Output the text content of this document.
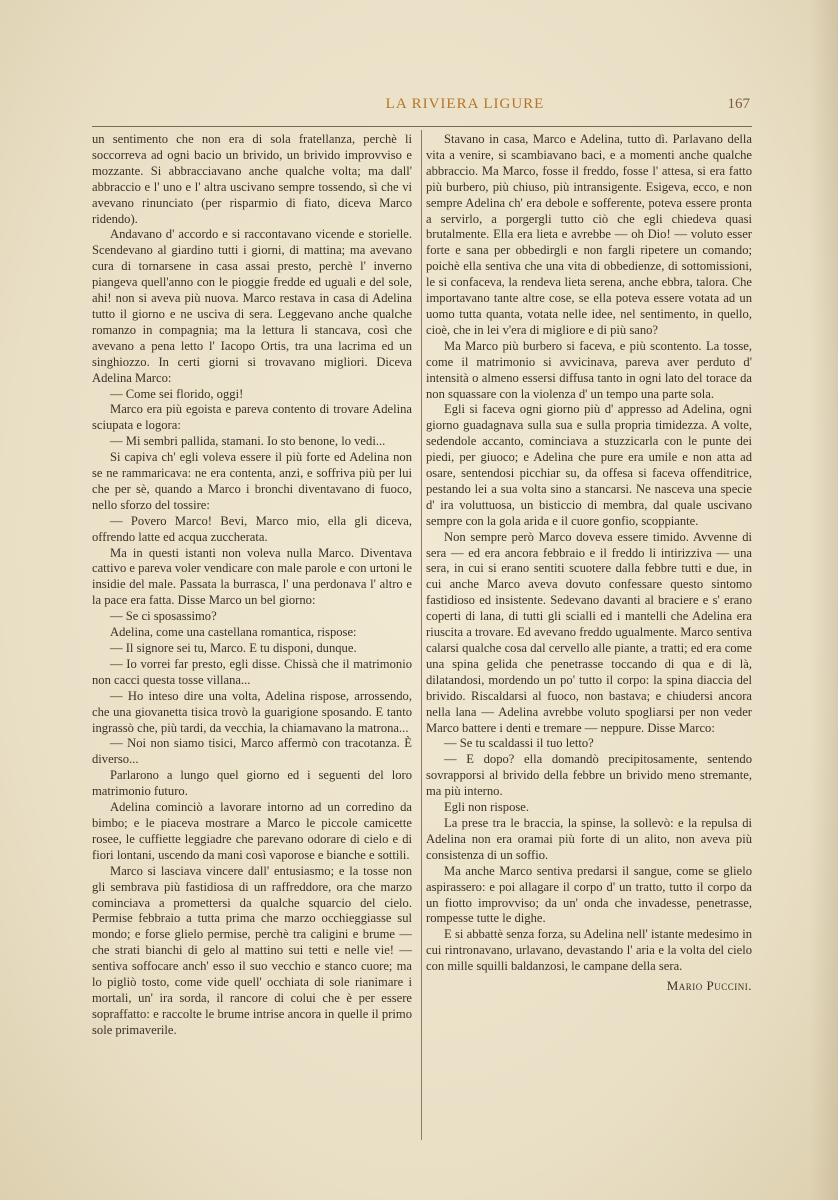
LA RIVIERA LIGURE	167

un sentimento che non era di sola fratellanza, perchè li soccorreva ad ogni bacio un brivido, un brivido improvviso e mozzante. Si abbracciavano anche qualche volta; ma dall' abbraccio e l' uno e l' altra uscivano sempre tossendo, sì che vi avevano rinunciato (per risparmio di fiato, diceva Marco ridendo).

Andavano d' accordo e si raccontavano vicende e storielle. Scendevano al giardino tutti i giorni, di mattina; ma avevano cura di tornarsene in casa assai presto, perchè l' inverno piangeva quell'anno con le pioggie fredde ed uguali e del sole, ahi! non si aveva più nuova. Marco restava in casa di Adelina tutto il giorno e ne usciva di sera. Leggevano anche qualche romanzo in compagnia; ma la lettura li stancava, così che avevano a pena letto l' Iacopo Ortis, tra una lacrima ed un singhiozzo. In certi giorni si trovavano migliori. Diceva Adelina Marco:

— Come sei florido, oggi!

Marco era più egoista e pareva contento di trovare Adelina sciupata e logora:

— Mi sembri pallida, stamani. Io sto benone, lo vedi...

Si capiva ch' egli voleva essere il più forte ed Adelina non se ne rammaricava: ne era contenta, anzi, e soffriva più per lui che per sè, quando a Marco i bronchi diventavano di fuoco, nello sforzo del tossire:

— Povero Marco! Bevi, Marco mio, ella gli diceva, offrendo latte ed acqua zuccherata.

Ma in questi istanti non voleva nulla Marco. Diventava cattivo e pareva voler vendicare con male parole e con urtoni le insidie del male. Passata la burrasca, l' una perdonava l' altro e la pace era fatta. Disse Marco un bel giorno:

— Se ci sposassimo?

Adelina, come una castellana romantica, rispose:

— Il signore sei tu, Marco. E tu disponi, dunque.

— Io vorrei far presto, egli disse. Chissà che il matrimonio non cacci questa tosse villana...

— Ho inteso dire una volta, Adelina rispose, arrossendo, che una giovanetta tisica trovò la guarigione sposando. E tanto ingrassò che, più tardi, da vecchia, la chiamavano la matrona...

— Noi non siamo tisici, Marco affermò con tracotanza. È diverso...

Parlarono a lungo quel giorno ed i seguenti del loro matrimonio futuro.

Adelina cominciò a lavorare intorno ad un corredino da bimbo; e le piaceva mostrare a Marco le piccole camicette rosee, le cuffiette leggiadre che parevano odorare di cielo e di fiori lontani, uscendo da mani così vaporose e bianche e sottili.

Marco si lasciava vincere dall' entusiasmo; e la tosse non gli sembrava più fastidiosa di un raffreddore, ora che marzo cominciava a promettersi da qualche squarcio del cielo. Permise febbraio a tutta prima che marzo occhieggiasse sul mondo; e forse glielo permise, perchè tra caligini e brume — che strati bianchi di gelo al mattino sui tetti e nelle vie! — sentiva soffocare anch' esso il suo vecchio e stanco cuore; ma lo pigliò tosto, come vide quell' occhiata di sole rianimare i mortali, un' ira sorda, il rancore di colui che è per essere sopraffatto: e raccolte le brume intrise ancora in quelle il primo sole primaverile.

Stavano in casa, Marco e Adelina, tutto dì. Parlavano della vita a venire, si scambiavano baci, e a momenti anche qualche abbraccio. Ma Marco, fosse il freddo, fosse l' attesa, si era fatto più burbero, più chiuso, più intransigente. Esigeva, ecco, e non sempre Adelina ch' era debole e sofferente, poteva essere pronta a servirlo, a porgergli tutto ciò che egli chiedeva quasi brutalmente. Ella era lieta e avrebbe — oh Dio! — voluto esser forte e sana per obbedirgli e non fargli ripetere un comando; poichè ella sentiva che una vita di obbedienze, di sottomissioni, le si confaceva, la rendeva lieta serena, anche ebbra, talora. Che importavano tante altre cose, se ella poteva essere votata ad un uomo tutta quanta, votata nelle idee, nel sentimento, in quello, cioè, che in lei v'era di migliore e di più sano?

Ma Marco più burbero si faceva, e più scontento. La tosse, come il matrimonio si avvicinava, pareva aver perduto d' intensità o almeno essersi diffusa tanto in ogni lato del torace da non squassare con la violenza d' un tempo una parte sola.

Egli si faceva ogni giorno più d' appresso ad Adelina, ogni giorno guadagnava sulla sua e sulla propria timidezza. A volte, sedendole accanto, cominciava a stuzzicarla con le punte dei piedi, per giuoco; e Adelina che pure era umile e non atta ad osare, sentendosi picchiar su, da offesa si faceva offenditrice, pestando lei a sua volta sino a stancarsi. Ne nasceva una specie d' ira voluttuosa, un bisticcio di membra, dal quale uscivano sempre con la gola arida e il cuore gonfio, scoppiante.

Non sempre però Marco doveva essere timido. Avvenne di sera — ed era ancora febbraio e il freddo li intirizziva — una sera, in cui si erano sentiti scuotere dalla febbre tutti e due, in cui anche Marco aveva dovuto confessare questo sintomo fastidioso ed insistente. Sedevano davanti al braciere e s' erano coperti di lana, di tutti gli scialli ed i mantelli che Adelina era riuscita a trovare. Ed avevano freddo ugualmente. Marco sentiva calarsi qualche cosa dal cervello alle piante, a tratti; ed era come una spina gelida che penetrasse toccando di qua e di là, dilatandosi, mordendo un po' tutto il corpo: la spina diaccia del brivido. Riscaldarsi al fuoco, non bastava; e chiudersi ancora nella lana — Adelina avrebbe voluto spogliarsi per non veder Marco battere i denti e tremare — neppure. Disse Marco:

— Se tu scaldassi il tuo letto?

— E dopo? ella domandò precipitosamente, sentendo sovrapporsi al brivido della febbre un brivido meno stremante, ma più interno.

Egli non rispose.

La prese tra le braccia, la spinse, la sollevò: e la repulsa di Adelina non era oramai più forte di un alito, non aveva più consistenza di un soffio.

Ma anche Marco sentiva predarsi il sangue, come se glielo aspirassero: e poi allagare il corpo d' un tratto, tutto il corpo da un fiotto improvviso; da un' onda che invadesse, penetrasse, rompesse tutte le dighe.

E si abbattè senza forza, su Adelina nell' istante medesimo in cui rintronavano, urlavano, devastando l' aria e la volta del cielo con mille squilli baldanzosi, le campane della sera.

Mario Puccini.
